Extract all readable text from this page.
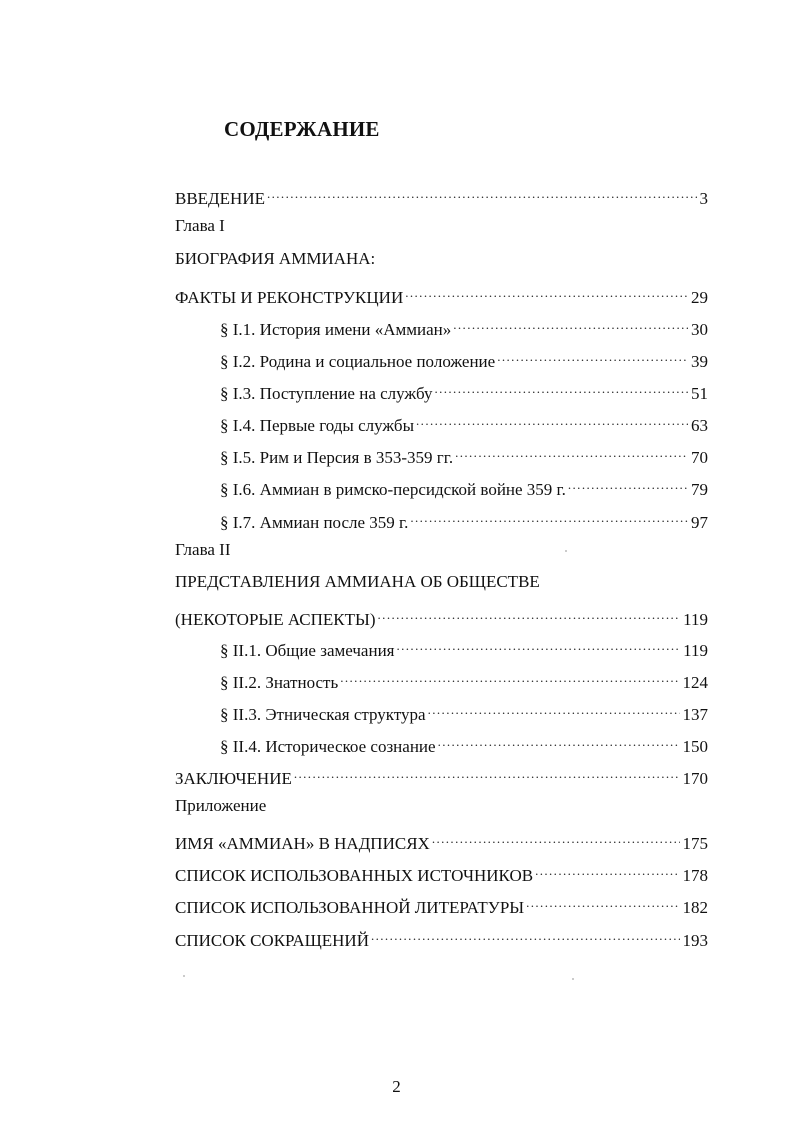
СОДЕРЖАНИЕ
ВВЕДЕНИЕ .....	3
Глава I
БИОГРАФИЯ АММИАНА:
ФАКТЫ И РЕКОНСТРУКЦИИ .....	29
§ I.1. История имени «Аммиан» .....	30
§ I.2. Родина и социальное положение .....	39
§ I.3. Поступление на службу .....	51
§ I.4. Первые годы службы .....	63
§ I.5. Рим и Персия в 353-359 гг. .....	70
§ I.6. Аммиан в римско-персидской войне 359 г. .....	79
§ I.7. Аммиан после 359 г. .....	97
Глава II
ПРЕДСТАВЛЕНИЯ АММИАНА ОБ ОБЩЕСТВЕ
(НЕКОТОРЫЕ АСПЕКТЫ) .....	119
§ II.1. Общие замечания .....	119
§ II.2. Знатность .....	124
§ II.3. Этническая структура .....	137
§ II.4. Историческое сознание .....	150
ЗАКЛЮЧЕНИЕ .....	170
Приложение
ИМЯ «АММИАН» В НАДПИСЯХ .....	175
СПИСОК ИСПОЛЬЗОВАННЫХ ИСТОЧНИКОВ .....	178
СПИСОК ИСПОЛЬЗОВАННОЙ ЛИТЕРАТУРЫ .....	182
СПИСОК СОКРАЩЕНИЙ .....	193
2
